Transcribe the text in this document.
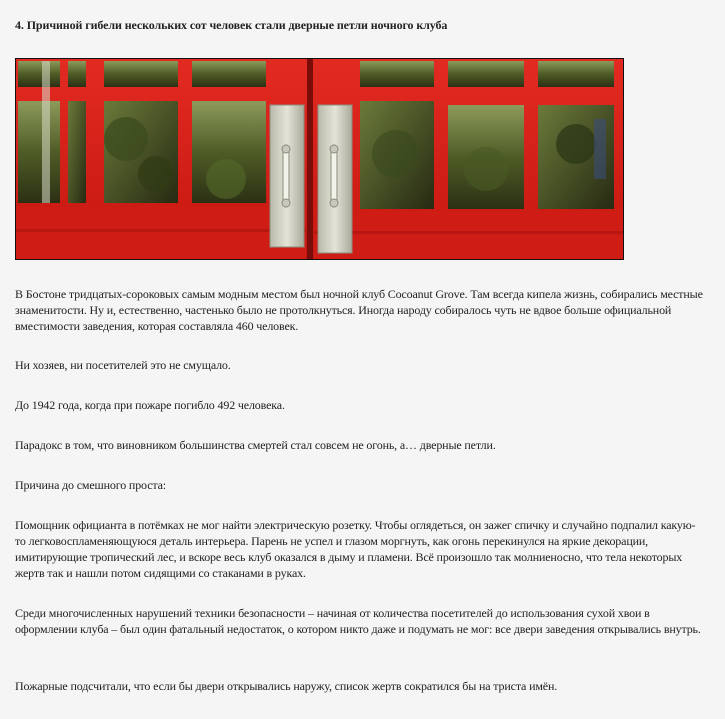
4. Причиной гибели нескольких сот человек стали дверные петли ночного клуба

В Бостоне тридцатых-сороковых самым модным местом был ночной клуб Cocoanut Grove. Там всегда кипела жизнь, собирались местные знаменитости. Ну и, естественно, частенько было не протолкнуться. Иногда народу собиралось чуть не вдвое больше официальной вместимости заведения, которая составляла 460 человек.

Ни хозяев, ни посетителей это не смущало.

До 1942 года, когда при пожаре погибло 492 человека.

Парадокс в том, что виновником большинства смертей стал совсем не огонь, а… дверные петли.

Причина до смешного проста:

Помощник официанта в потёмках не мог найти электрическую розетку. Чтобы оглядеться, он зажег спичку и случайно подпалил какую-то легковоспламеняющуюся деталь интерьера. Парень не успел и глазом моргнуть, как огонь перекинулся на яркие декорации, имитирующие тропический лес, и вскоре весь клуб оказался в дыму и пламени. Всё произошло так молниеносно, что тела некоторых жертв так и нашли потом сидящими со стаканами в руках.

Среди многочисленных нарушений техники безопасности – начиная от количества посетителей до использования сухой хвои в оформлении клуба – был один фатальный недостаток, о котором никто даже и подумать не мог: все двери заведения открывались внутрь.

Пожарные подсчитали, что если бы двери открывались наружу, список жертв сократился бы на триста имён.
